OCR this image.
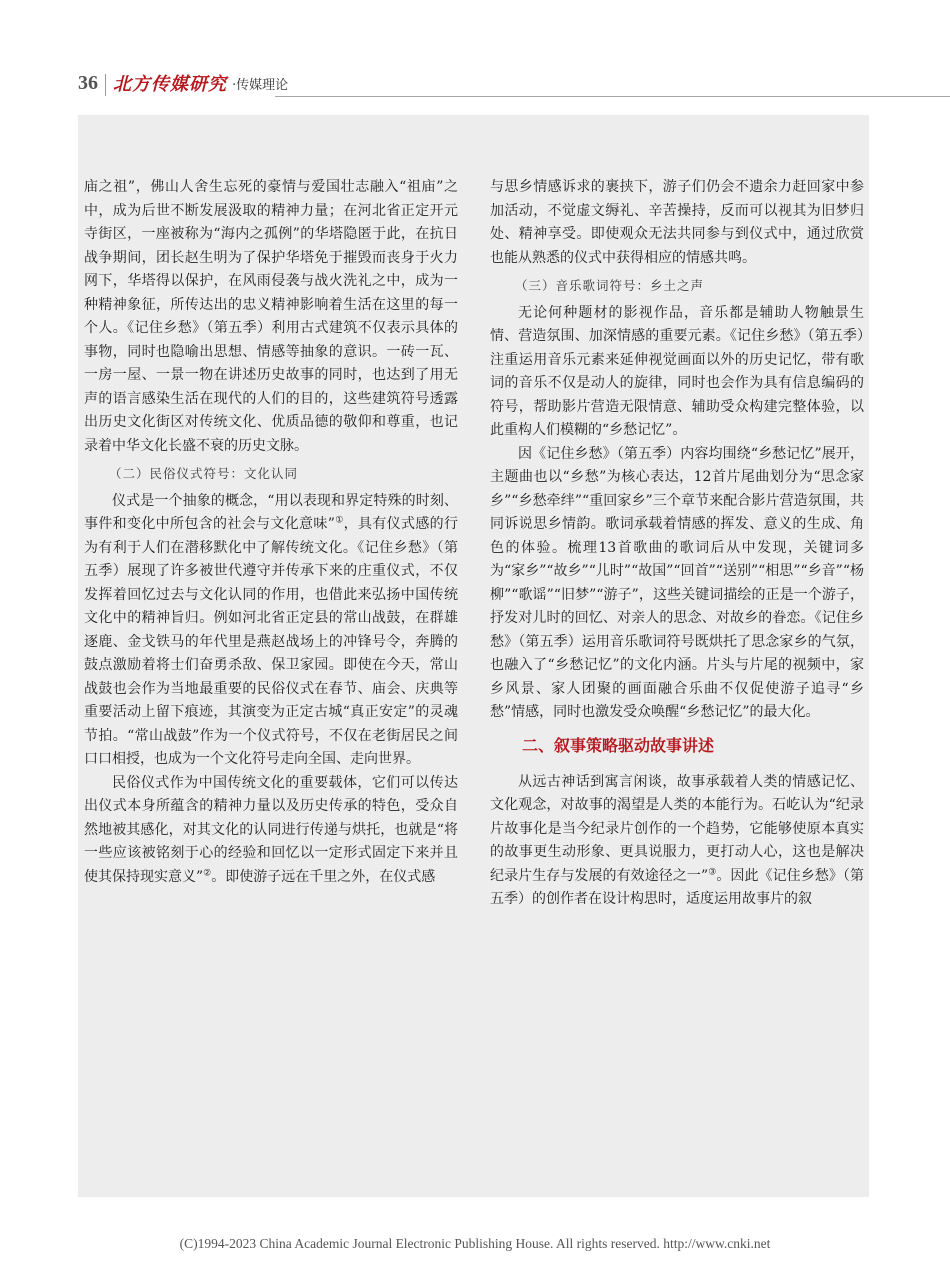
36 北方传媒研究 ·传媒理论

庙之祖”，佛山人舍生忘死的豪情与爱国壮志融入“祖庙”之中，成为后世不断发展汲取的精神力量；在河北省正定开元寺街区，一座被称为“海内之孤例”的华塔隐匿于此，在抗日战争期间，团长赵生明为了保护华塔免于摧毁而丧身于火力网下，华塔得以保护，在风雨侵袭与战火洗礼之中，成为一种精神象征，所传达出的忠义精神影响着生活在这里的每一个人。《记住乡愁》（第五季）利用古式建筑不仅表示具体的事物，同时也隐喻出思想、情感等抽象的意识。一砖一瓦、一房一屋、一景一物在讲述历史故事的同时，也达到了用无声的语言感染生活在现代的人们的目的，这些建筑符号透露出历史文化街区对传统文化、优质品德的敬仰和尊重，也记录着中华文化长盛不衰的历史文脉。

（二）民俗仪式符号：文化认同

仪式是一个抽象的概念，“用以表现和界定特殊的时刻、事件和变化中所包含的社会与文化意味”①，具有仪式感的行为有利于人们在潜移默化中了解传统文化。《记住乡愁》（第五季）展现了许多被世代遵守并传承下来的庄重仪式，不仅发挥着回忆过去与文化认同的作用，也借此来弘扬中国传统文化中的精神旨归。例如河北省正定县的常山战鼓，在群雄逐鹿、金戈铁马的年代里是燕赵战场上的冲锋号令，奔腾的鼓点激励着将士们奋勇杀敌、保卫家园。即使在今天，常山战鼓也会作为当地最重要的民俗仪式在春节、庙会、庆典等重要活动上留下痕迹，其演变为正定古城“真正安定”的灵魂节拍。“常山战鼓”作为一个仪式符号，不仅在老街居民之间口口相授，也成为一个文化符号走向全国、走向世界。

民俗仪式作为中国传统文化的重要载体，它们可以传达出仪式本身所蕴含的精神力量以及历史传承的特色，受众自然地被其感化，对其文化的认同进行传递与烘托，也就是“将一些应该被铭刻于心的经验和回忆以一定形式固定下来并且使其保持现实意义”②。即使游子远在千里之外，在仪式感

与思乡情感诉求的裹挟下，游子们仍会不遗余力赶回家中参加活动，不觉虚文缛礼、辛苦操持，反而可以视其为旧梦归处、精神享受。即使观众无法共同参与到仪式中，通过欣赏也能从熟悉的仪式中获得相应的情感共鸣。

（三）音乐歌词符号：乡土之声

无论何种题材的影视作品，音乐都是辅助人物触景生情、营造氛围、加深情感的重要元素。《记住乡愁》（第五季）注重运用音乐元素来延伸视觉画面以外的历史记忆，带有歌词的音乐不仅是动人的旋律，同时也会作为具有信息编码的符号，帮助影片营造无限情意、辅助受众构建完整体验，以此重构人们模糊的“乡愁记忆”。

因《记住乡愁》（第五季）内容均围绕“乡愁记忆”展开，主题曲也以“乡愁”为核心表达，12首片尾曲划分为“思念家乡”“乡愁牵绊”“重回家乡”三个章节来配合影片营造氛围，共同诉说思乡情韵。歌词承载着情感的挥发、意义的生成、角色的体验。梳理13首歌曲的歌词后从中发现，关键词多为“家乡”“故乡”“儿时”“故国”“回首”“送别”“相思”“乡音”“杨柳”“歌谣”“旧梦”“游子”，这些关键词描绘的正是一个游子，抒发对儿时的回忆、对亲人的思念、对故乡的眷恋。《记住乡愁》（第五季）运用音乐歌词符号既烘托了思念家乡的气氛，也融入了“乡愁记忆”的文化内涵。片头与片尾的视频中，家乡风景、家人团聚的画面融合乐曲不仅促使游子追寻“乡愁”情感，同时也激发受众唤醒“乡愁记忆”的最大化。

二、叙事策略驱动故事讲述

从远古神话到寓言闲谈，故事承载着人类的情感记忆、文化观念，对故事的渴望是人类的本能行为。石屹认为“纪录片故事化是当今纪录片创作的一个趋势，它能够使原本真实的故事更生动形象、更具说服力，更打动人心，这也是解决纪录片生存与发展的有效途径之一”③。因此《记住乡愁》（第五季）的创作者在设计构思时，适度运用故事片的叙

(C)1994-2023 China Academic Journal Electronic Publishing House. All rights reserved. http://www.cnki.net
